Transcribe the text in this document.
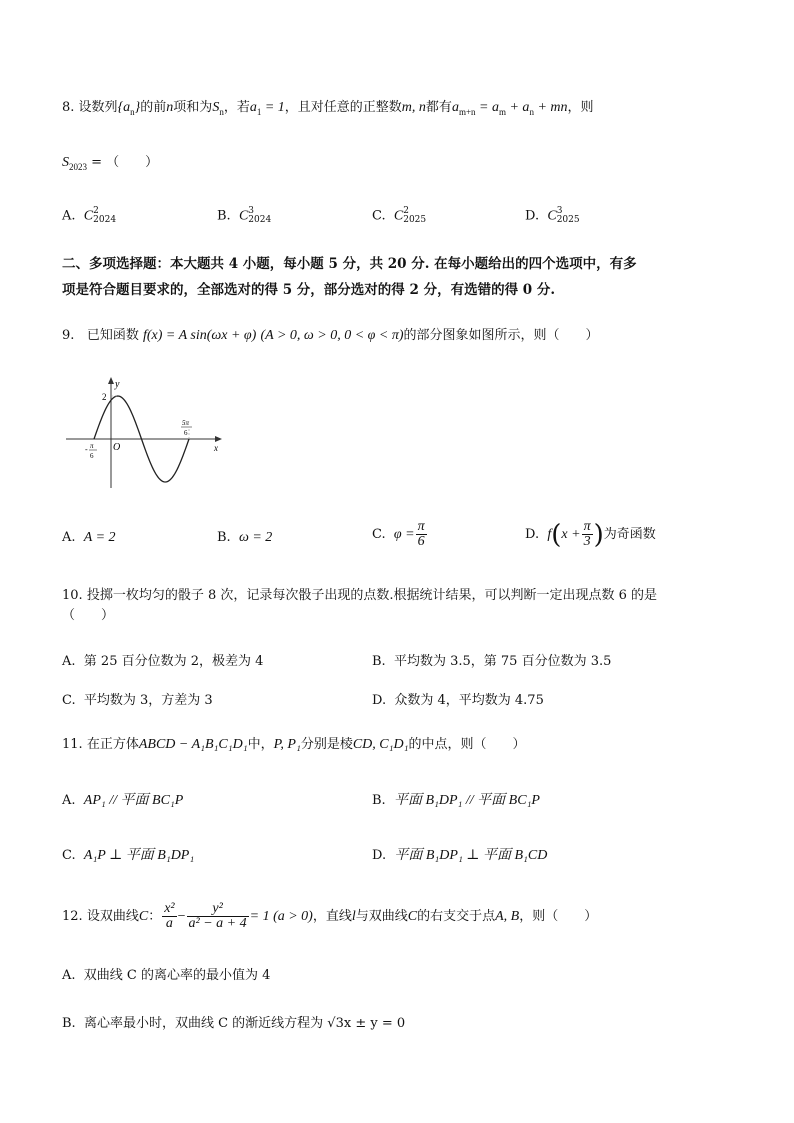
8. 设数列$\{a_n\}$的前n项和为$S_n$，若$a_1 = 1$，且对任意的正整数m, n都有$a_{m+n} = a_m + a_n$ + mn，则
$S_{2023}$ = （　　）
A. C 2
2024	B. C 3
2024	C. C 2
2025	D. C 3
2025
二、多项选择题：本大题共 4 小题，每小题 5 分，共 20 分. 在每小题给出的四个选项中，有多
项是符合题目要求的，全部选对的得 5 分，部分选对的得 2 分，有选错的得 0 分.
9. 已知函数 f(x) = A sin(ωx + φ) (A > 0, ω > 0, 0 < φ < π)的部分图象如图所示，则（　　）
y
x
O
2
- π
6
5π
6
A. A = 2	B. ω = 2	C. $\varphi = \frac{\pi}{6}$	D. $f(x + \frac{\pi}{3}$ )为奇函数
10. 投掷一枚均匀的骰子 8 次，记录每次骰子出现的点数.根据统计结果，可以判断一定出现点数 6 的是
（　　）
A. 第 25 百分位数为 2，极差为 4	B. 平均数为 3.5，第 75 百分位数为 3.5
C. 平均数为 3，方差为 3	D. 众数为 4，平均数为 4.75
11. 在正方体ABCD − A₁B₁C₁D₁中，P, P₁分别是棱CD, C₁D₁的中点，则（　　）
A. AP₁ // 平面 BC₁P	B. 平面 B₁DP₁ // 平面 BC₁P
C. A₁P ⊥ 平面 B₁DP₁	D. 平面 B₁DP₁ ⊥ 平面 B₁CD
12. 设双曲线C： $\frac{\text{x²}}{a} - \frac{\text{y²}}{\text{a² − a + 4}} = 1$ (a > 0)，直线l与双曲线C的右支交于点A, B，则（　　）
A. 双曲线 C 的离心率的最小值为 4
B. 离心率最小时，双曲线 C 的渐近线方程为 √3x ± y = 0
